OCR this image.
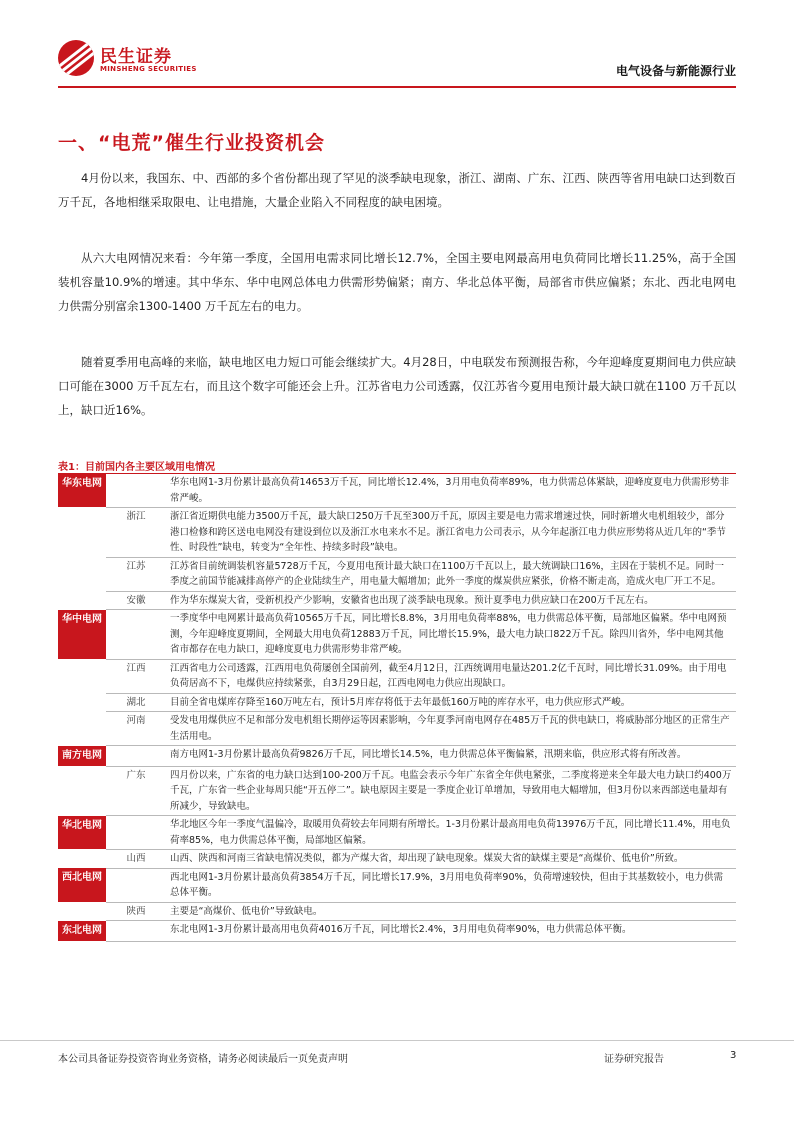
民生证券
MINSHENG SECURITIES	电气设备与新能源行业
一、“电荒”催生行业投资机会

4月份以来，我国东、中、西部的多个省份都出现了罕见的淡季缺电现象，浙江、湖南、广东、江西、陕西等省用电缺口达到数百万千瓦，各地相继采取限电、让电措施，大量企业陷入不同程度的缺电困境。

从六大电网情况来看：今年第一季度，全国用电需求同比增长12.7%，全国主要电网最高用电负荷同比增长11.25%，高于全国装机容量10.9%的增速。其中华东、华中电网总体电力供需形势偏紧；南方、华北总体平衡，局部省市供应偏紧；东北、西北电网电力供需分别富余1300-1400 万千瓦左右的电力。

随着夏季用电高峰的来临，缺电地区电力短口可能会继续扩大。4月28日，中电联发布预测报告称，今年迎峰度夏期间电力供应缺口可能在3000 万千瓦左右，而且这个数字可能还会上升。江苏省电力公司透露，仅江苏省今夏用电预计最大缺口就在1100 万千瓦以上，缺口近16%。

表1：目前国内各主要区域用电情况
华东电网		华东电网1-3月份累计最高负荷14653万千瓦，同比增长12.4%，3月用电负荷率89%，电力供需总体紧缺，迎峰度夏电力供需形势非常严峻。
	浙江	浙江省近期供电能力3500万千瓦，最大缺口250万千瓦至300万千瓦，原因主要是电力需求增速过快，同时新增火电机组较少，部分港口检修和跨区送电电网没有建设到位以及浙江水电来水不足。浙江省电力公司表示，从今年起浙江电力供应形势将从近几年的“季节性、时段性”缺电，转变为“全年性、持续多时段”缺电。
	江苏	江苏省目前统调装机容量5728万千瓦，今夏用电预计最大缺口在1100万千瓦以上，最大统调缺口16%，主因在于装机不足。同时一季度之前国节能减排高停产的企业陆续生产，用电量大幅增加；此外一季度的煤炭供应紧张，价格不断走高，造成火电厂开工不足。
	安徽	作为华东煤炭大省，受新机投产少影响，安徽省也出现了淡季缺电现象。预计夏季电力供应缺口在200万千瓦左右。
华中电网		一季度华中电网累计最高负荷10565万千瓦，同比增长8.8%，3月用电负荷率88%，电力供需总体平衡，局部地区偏紧。华中电网预测，今年迎峰度夏期间，全网最大用电负荷12883万千瓦，同比增长15.9%，最大电力缺口822万千瓦。除四川省外，华中电网其他省市都存在电力缺口，迎峰度夏电力供需形势非常严峻。
	江西	江西省电力公司透露，江西用电负荷屡创全国前列，截至4月12日，江西统调用电量达201.2亿千瓦时，同比增长31.09%。由于用电负荷居高不下，电煤供应持续紧张，自3月29日起，江西电网电力供应出现缺口。
	湖北	目前全省电煤库存降至160万吨左右，预计5月库存将低于去年最低160万吨的库存水平，电力供应形式严峻。
	河南	受发电用煤供应不足和部分发电机组长期停运等因素影响，今年夏季河南电网存在485万千瓦的供电缺口，将威胁部分地区的正常生产生活用电。
南方电网		南方电网1-3月份累计最高负荷9826万千瓦，同比增长14.5%，电力供需总体平衡偏紧，汛期来临，供应形式将有所改善。
	广东	四月份以来，广东省的电力缺口达到100-200万千瓦。电监会表示今年广东省全年供电紧张，二季度将逆来全年最大电力缺口约400万千瓦，广东省一些企业每周只能“开五停二”。缺电原因主要是一季度企业订单增加，导致用电大幅增加，但3月份以来西部送电量却有所减少，导致缺电。
华北电网		华北地区今年一季度气温偏冷，取暖用负荷较去年同期有所增长。1-3月份累计最高用电负荷13976万千瓦，同比增长11.4%，用电负荷率85%，电力供需总体平衡，局部地区偏紧。
	山西	山西、陕西和河南三省缺电情况类似，都为产煤大省，却出现了缺电现象。煤炭大省的缺煤主要是“高煤价、低电价”所致。
西北电网		西北电网1-3月份累计最高负荷3854万千瓦，同比增长17.9%，3月用电负荷率90%，负荷增速较快，但由于其基数较小，电力供需总体平衡。
	陕西	主要是“高煤价、低电价”导致缺电。
东北电网		东北电网1-3月份累计最高用电负荷4016万千瓦，同比增长2.4%，3月用电负荷率90%，电力供需总体平衡。
本公司具备证券投资咨询业务资格，请务必阅读最后一页免责声明	证券研究报告	3
